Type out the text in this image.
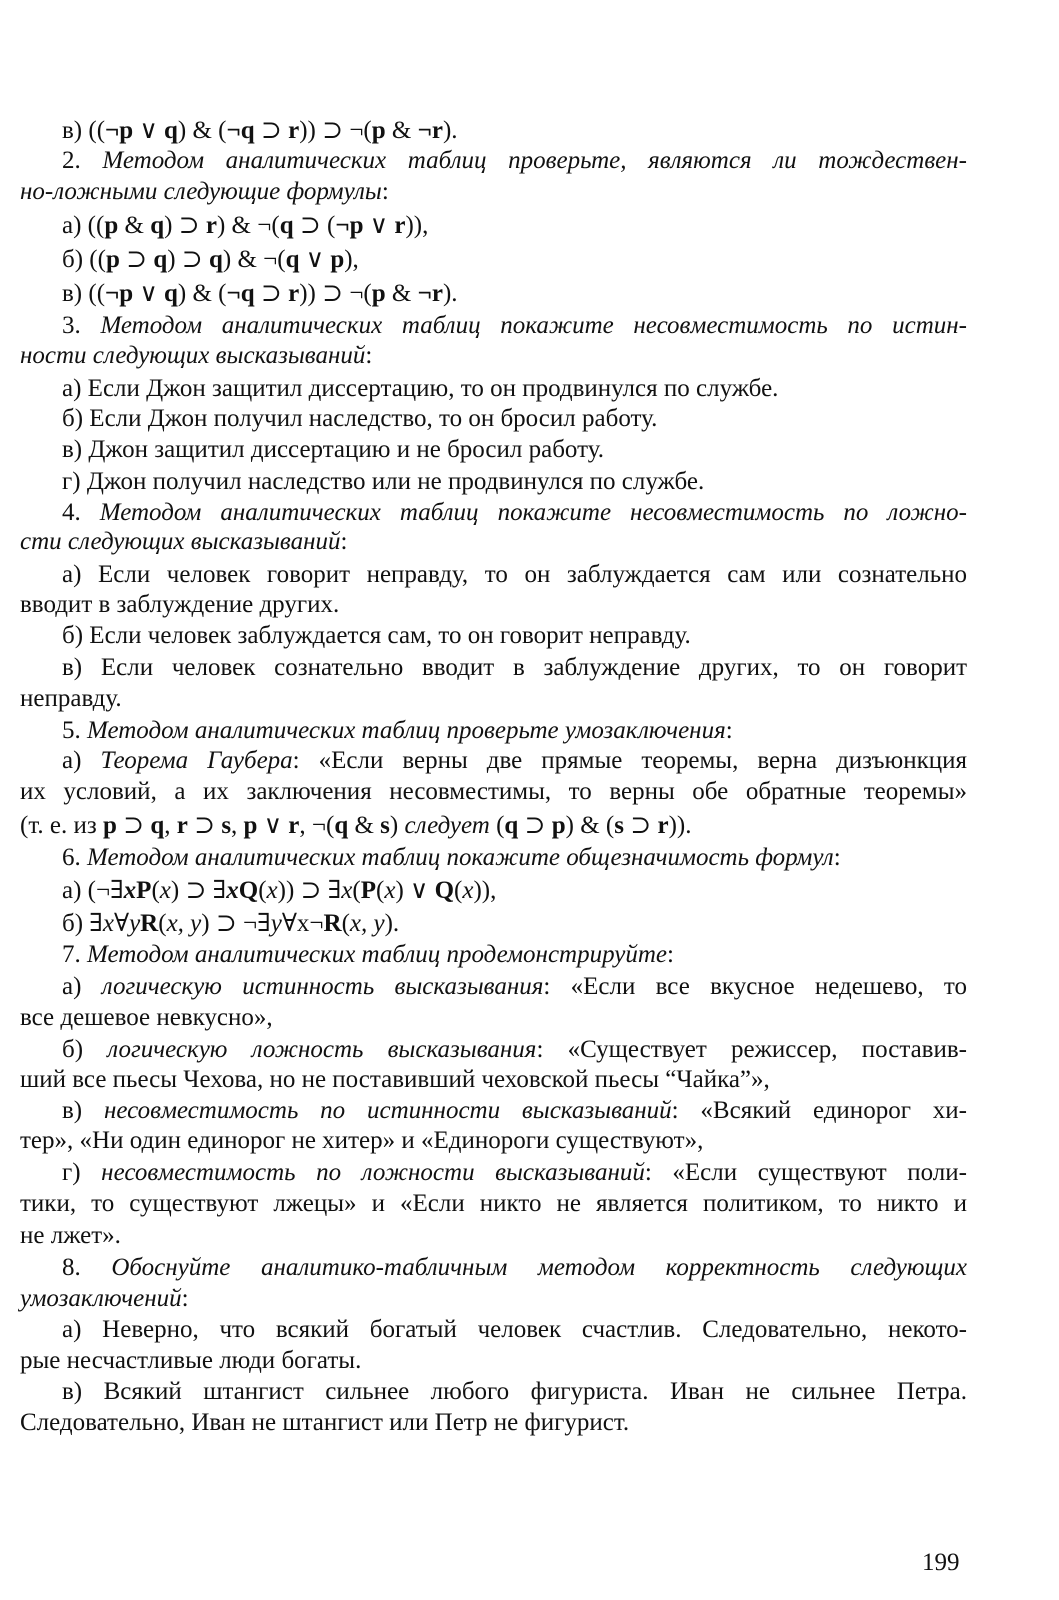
в) ((¬p ∨ q) & (¬q ⊃ r)) ⊃ ¬(p & ¬r).
2. Методом аналитических таблиц проверьте, являются ли тождествен-
но-ложными следующие формулы:
а) ((p & q) ⊃ r) & ¬(q ⊃ (¬p ∨ r)),
б) ((p ⊃ q) ⊃ q) & ¬(q ∨ p),
в) ((¬p ∨ q) & (¬q ⊃ r)) ⊃ ¬(p & ¬r).
3. Методом аналитических таблиц покажите несовместимость по истин-
ности следующих высказываний:
а) Если Джон защитил диссертацию, то он продвинулся по службе.
б) Если Джон получил наследство, то он бросил работу.
в) Джон защитил диссертацию и не бросил работу.
г) Джон получил наследство или не продвинулся по службе.
4. Методом аналитических таблиц покажите несовместимость по ложно-
сти следующих высказываний:
а) Если человек говорит неправду, то он заблуждается сам или сознательно
вводит в заблуждение других.
б) Если человек заблуждается сам, то он говорит неправду.
в) Если человек сознательно вводит в заблуждение других, то он говорит
неправду.
5. Методом аналитических таблиц проверьте умозаключения:
а) Теорема Гаубера: «Если верны две прямые теоремы, верна дизъюнкция
их условий, а их заключения несовместимы, то верны обе обратные теоремы»
(т. е. из p ⊃ q, r ⊃ s, p ∨ r, ¬(q & s) следует (q ⊃ p) & (s ⊃ r)).
6. Методом аналитических таблиц покажите общезначимость формул:
а) (¬∃xP(x) ⊃ ∃xQ(x)) ⊃ ∃x(P(x) ∨ Q(x)),
б) ∃x∀yR(x, y) ⊃ ¬∃y∀x¬R(x, y).
7. Методом аналитических таблиц продемонстрируйте:
а) логическую истинность высказывания: «Если все вкусное недешево, то
все дешевое невкусно»,
б) логическую ложность высказывания: «Существует режиссер, поставив-
ший все пьесы Чехова, но не поставивший чеховской пьесы “Чайка”»,
в) несовместимость по истинности высказываний: «Всякий единорог хи-
тер», «Ни один единорог не хитер» и «Единороги существуют»,
г) несовместимость по ложности высказываний: «Если существуют поли-
тики, то существуют лжецы» и «Если никто не является политиком, то никто и
не лжет».
8. Обоснуйте аналитико-табличным методом корректность следующих
умозаключений:
а) Неверно, что всякий богатый человек счастлив. Следовательно, некото-
рые несчастливые люди богаты.
в) Всякий штангист сильнее любого фигуриста. Иван не сильнее Петра.
Следовательно, Иван не штангист или Петр не фигурист.
199
